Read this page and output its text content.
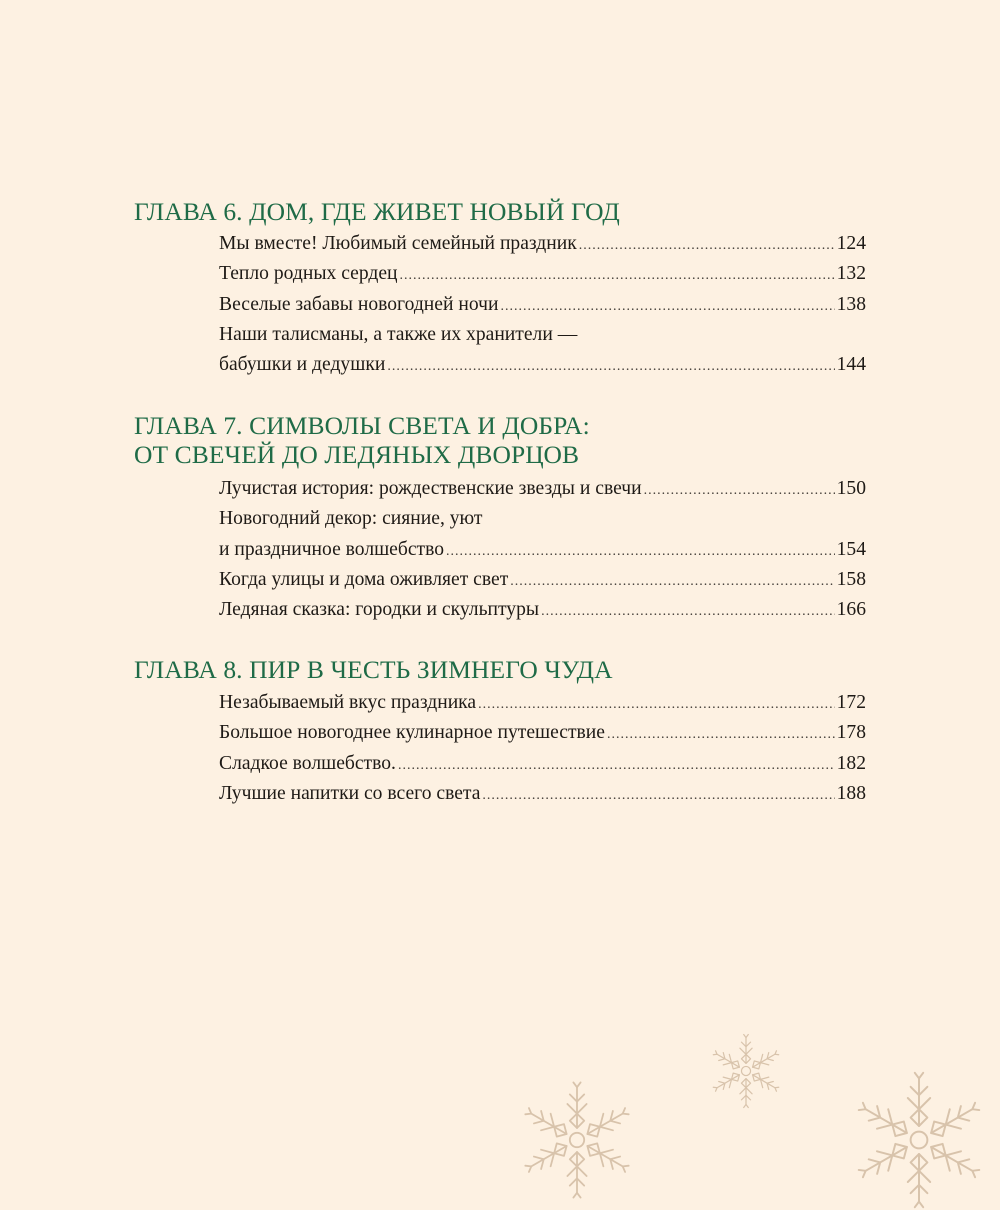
ГЛАВА 6. ДОМ, ГДЕ ЖИВЕТ НОВЫЙ ГОД
Мы вместе! Любимый семейный праздник .....	124
Тепло родных сердец .....	132
Веселые забавы новогодней ночи .....	138
Наши талисманы, а также их хранители —
бабушки и дедушки .....	144
ГЛАВА 7. СИМВОЛЫ СВЕТА И ДОБРА:
ОТ СВЕЧЕЙ ДО ЛЕДЯНЫХ ДВОРЦОВ
Лучистая история: рождественские звезды и свечи .....	150
Новогодний декор: сияние, уют
и праздничное волшебство .....	154
Когда улицы и дома оживляет свет .....	158
Ледяная сказка: городки и скульптуры .....	166
ГЛАВА 8. ПИР В ЧЕСТЬ ЗИМНЕГО ЧУДА
Незабываемый вкус праздника .....	172
Большое новогоднее кулинарное путешествие .....	178
Сладкое волшебство. .....	182
Лучшие напитки со всего света .....	188
